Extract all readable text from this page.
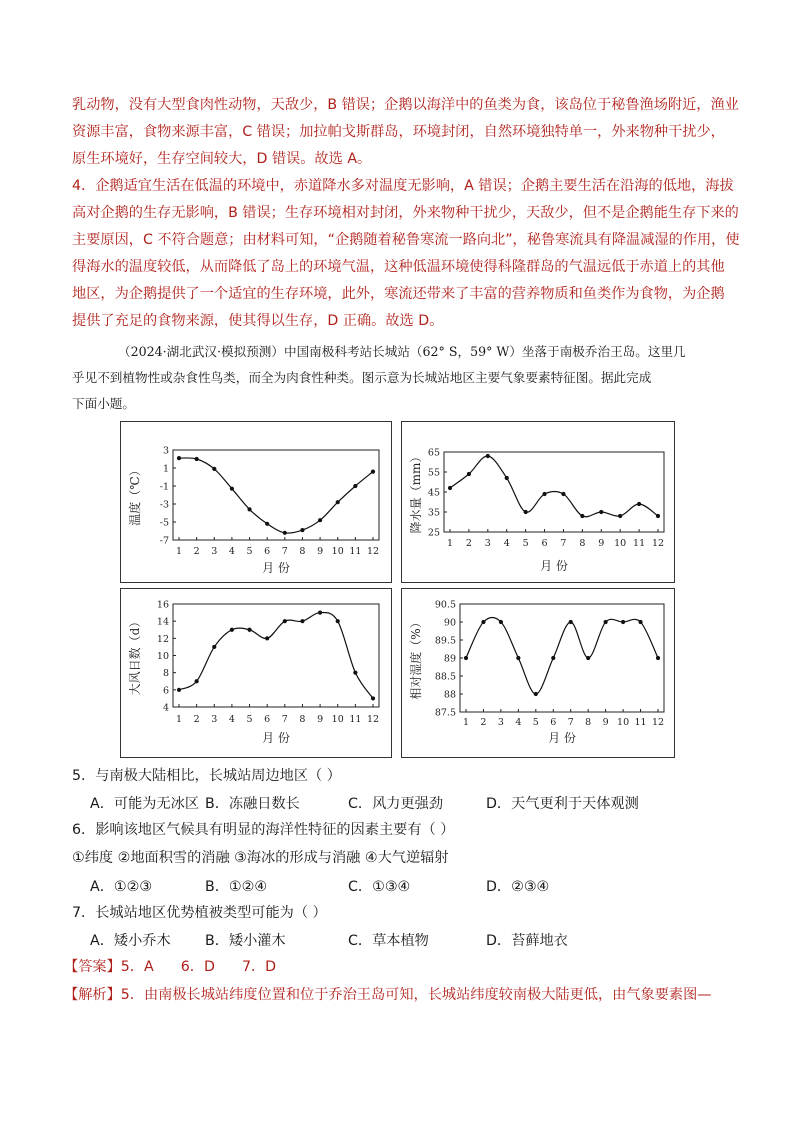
乳动物，没有大型食肉性动物，天敌少，B 错误；企鹅以海洋中的鱼类为食，该岛位于秘鲁渔场附近，渔业
资源丰富，食物来源丰富，C 错误；加拉帕戈斯群岛，环境封闭，自然环境独特单一，外来物种干扰少，
原生环境好，生存空间较大，D 错误。故选 A。
4．企鹅适宜生活在低温的环境中，赤道降水多对温度无影响，A 错误；企鹅主要生活在沿海的低地，海拔
高对企鹅的生存无影响，B 错误；生存环境相对封闭，外来物种干扰少，天敌少，但不是企鹅能生存下来的
主要原因，C 不符合题意；由材料可知，“企鹅随着秘鲁寒流一路向北”，秘鲁寒流具有降温减湿的作用，使
得海水的温度较低，从而降低了岛上的环境气温，这种低温环境使得科隆群岛的气温远低于赤道上的其他
地区，为企鹅提供了一个适宜的生存环境，此外，寒流还带来了丰富的营养物质和鱼类作为食物，为企鹅
提供了充足的食物来源，使其得以生存，D 正确。故选 D。
（2024·湖北武汉·模拟预测）中国南极科考站长城站（62° S，59° W）坐落于南极乔治王岛。这里几
乎见不到植物性或杂食性鸟类，而全为肉食性种类。图示意为长城站地区主要气象要素特征图。据此完成
下面小题。
3
1
-1
-3
-5
-7
1 2 3 4 5 6 7 8 9 10 11 12
月 份
温度（℃）
65
55
45
35
25
1 2 3 4 5 6 7 8 9 10 11 12
月 份
降水量（mm）
16
14
12
10
8
6
4
1 2 3 4 5 6 7 8 9 10 11 12
月 份
大风日数（d）
90.5
90
89.5
89
88.5
88
87.5
1 2 3 4 5 6 7 8 9 10 11 12
月 份
相对湿度（%）
5．与南极大陆相比，长城站周边地区（ ）
A．可能为无冰区 B．冻融日数长	C．风力更强劲	D．天气更利于天体观测
6．影响该地区气候具有明显的海洋性特征的因素主要有（ ）
①纬度 ②地面积雪的消融 ③海冰的形成与消融 ④大气逆辐射
A．①②③	B．①②④	C．①③④	D．②③④
7．长城站地区优势植被类型可能为（ ）
A．矮小乔木 B．矮小灌木	C．草本植物	D．苔藓地衣
【答案】5．A      6．D      7．D
【解析】5．由南极长城站纬度位置和位于乔治王岛可知，长城站纬度较南极大陆更低，由气象要素图—
